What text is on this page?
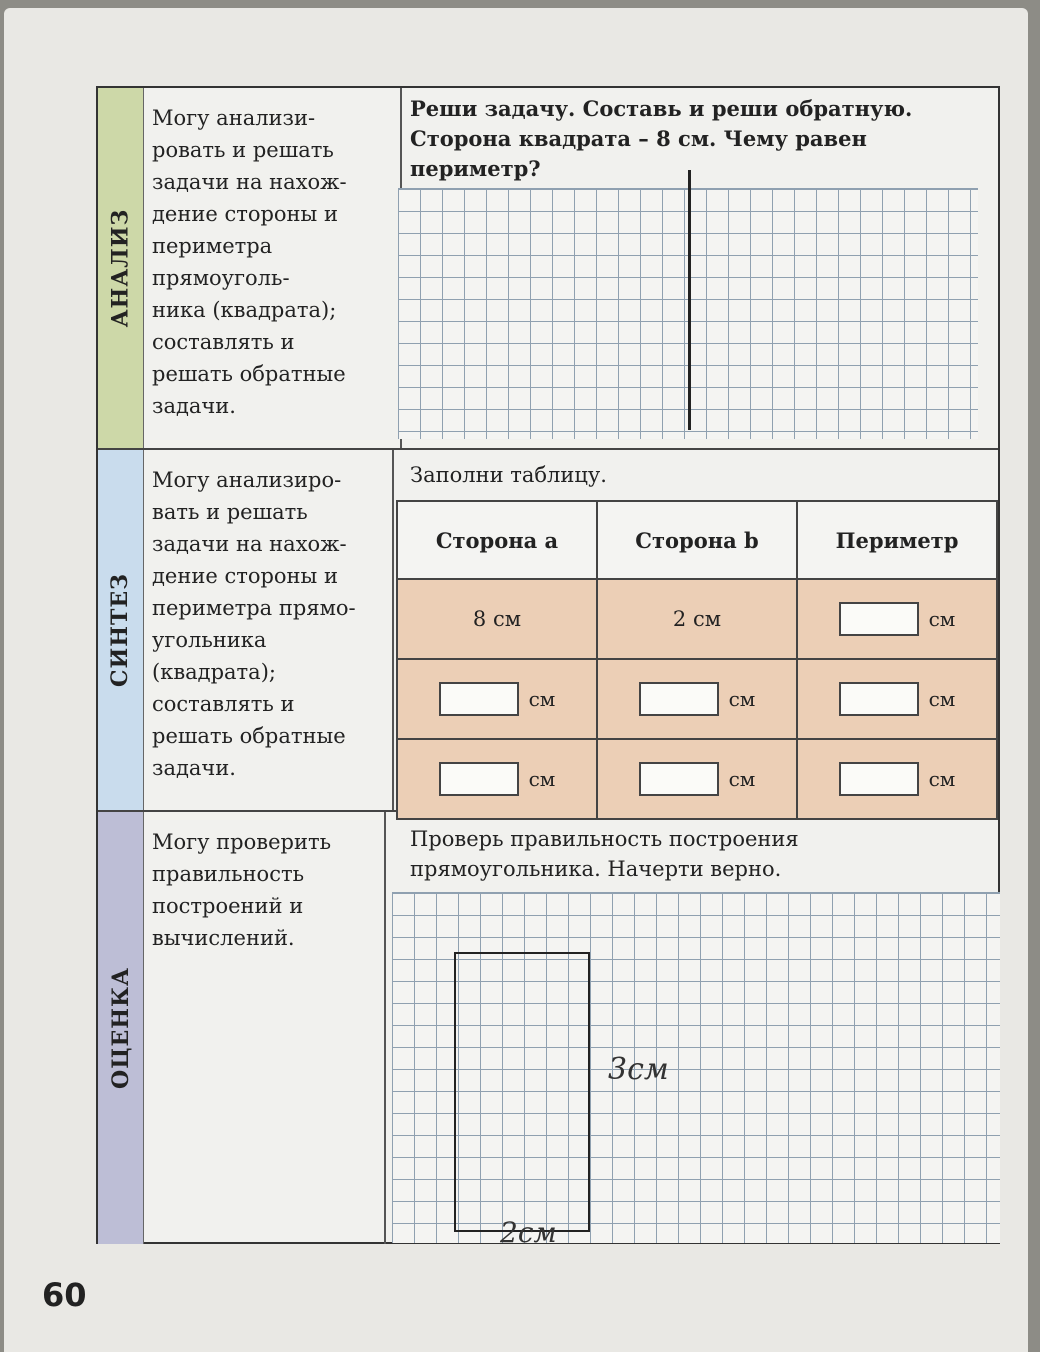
АНАЛИЗ
Могу анализи-
ровать и решать
задачи на нахож-
дение стороны и
периметра
прямоуголь-
ника (квадрата);
составлять и
решать обратные
задачи.
Реши задачу. Составь и реши обратную.
Сторона квадрата – 8 см. Чему равен
периметр?
СИНТЕЗ
Могу анализиро-
вать и решать
задачи на нахож-
дение стороны и
периметра прямо-
угольника
(квадрата);
составлять и
решать обратные
задачи.
Заполни таблицу.
Сторона a	Сторона b	Периметр
8 см	2 см	см
см	см	см
см	см	см
ОЦЕНКА
Могу проверить
правильность
построений и
вычислений.
Проверь правильность построения
прямоугольника. Начерти верно.
3см
2см
60
